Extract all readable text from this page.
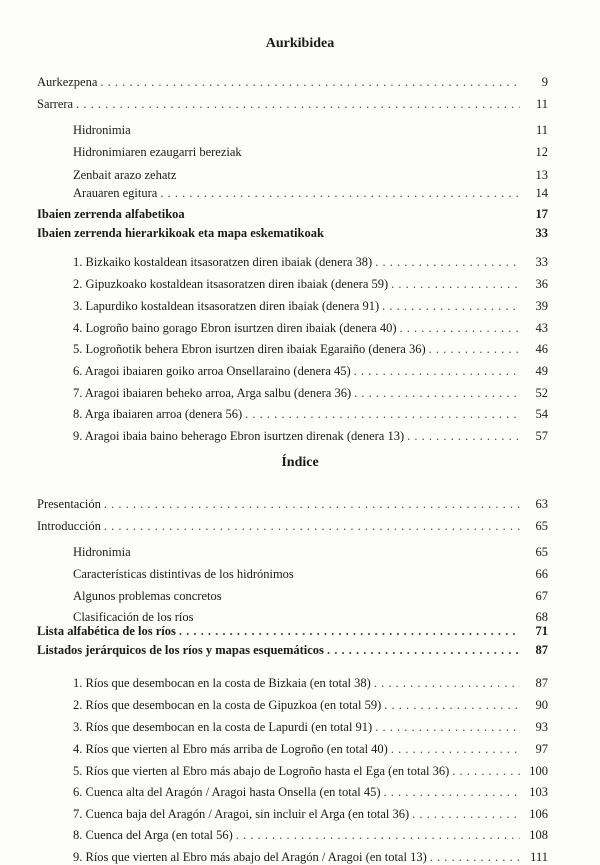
Aurkibidea
Aurkezpena . . .	9
Sarrera . . .	11
Hidronimia	11
Hidronimiaren ezaugarri bereziak	12
Zenbait arazo zehatz	13
Arauaren egitura . . .	14
Ibaien zerrenda alfabetikoa	17
Ibaien zerrenda hierarkikoak eta mapa eskematikoak	33
1. Bizkaiko kostaldean itsasoratzen diren ibaiak (denera 38) . . .	33
2. Gipuzkoako kostaldean itsasoratzen diren ibaiak (denera 59) . . .	36
3. Lapurdiko kostaldean itsasoratzen diren ibaiak (denera 91) . . .	39
4. Logroño baino gorago Ebron isurtzen diren ibaiak (denera 40) . . .	43
5. Logroñotik behera Ebron isurtzen diren ibaiak Egaraiño (denera 36) . . .	46
6. Aragoi ibaiaren goiko arroa Onsellaraino (denera 45) . . .	49
7. Aragoi ibaiaren beheko arroa, Arga salbu (denera 36) . . .	52
8. Arga ibaiaren arroa (denera 56) . . .	54
9. Aragoi ibaia baino beherago Ebron isurtzen direnak (denera 13) . . .	57
Índice
Presentación . . .	63
Introducción . . .	65
Hidronimia	65
Características distintivas de los hidrónimos	66
Algunos problemas concretos	67
Clasificación de los ríos	68
Lista alfabética de los ríos . . .	71
Listados jerárquicos de los ríos y mapas esquemáticos . . .	87
1. Ríos que desembocan en la costa de Bizkaia (en total 38) . . .	87
2. Ríos que desembocan en la costa de Gipuzkoa (en total 59) . . .	90
3. Ríos que desembocan en la costa de Lapurdi (en total 91) . . .	93
4. Ríos que vierten al Ebro más arriba de Logroño (en total 40) . . .	97
5. Ríos que vierten al Ebro más abajo de Logroño hasta el Ega (en total 36) . . .	100
6. Cuenca alta del Aragón / Aragoi hasta Onsella (en total 45) . . .	103
7. Cuenca baja del Aragón / Aragoi, sin incluir el Arga (en total 36) . . .	106
8. Cuenca del Arga (en total 56) . . .	108
9. Ríos que vierten al Ebro más abajo del Aragón / Aragoi (en total 13) . . .	111
